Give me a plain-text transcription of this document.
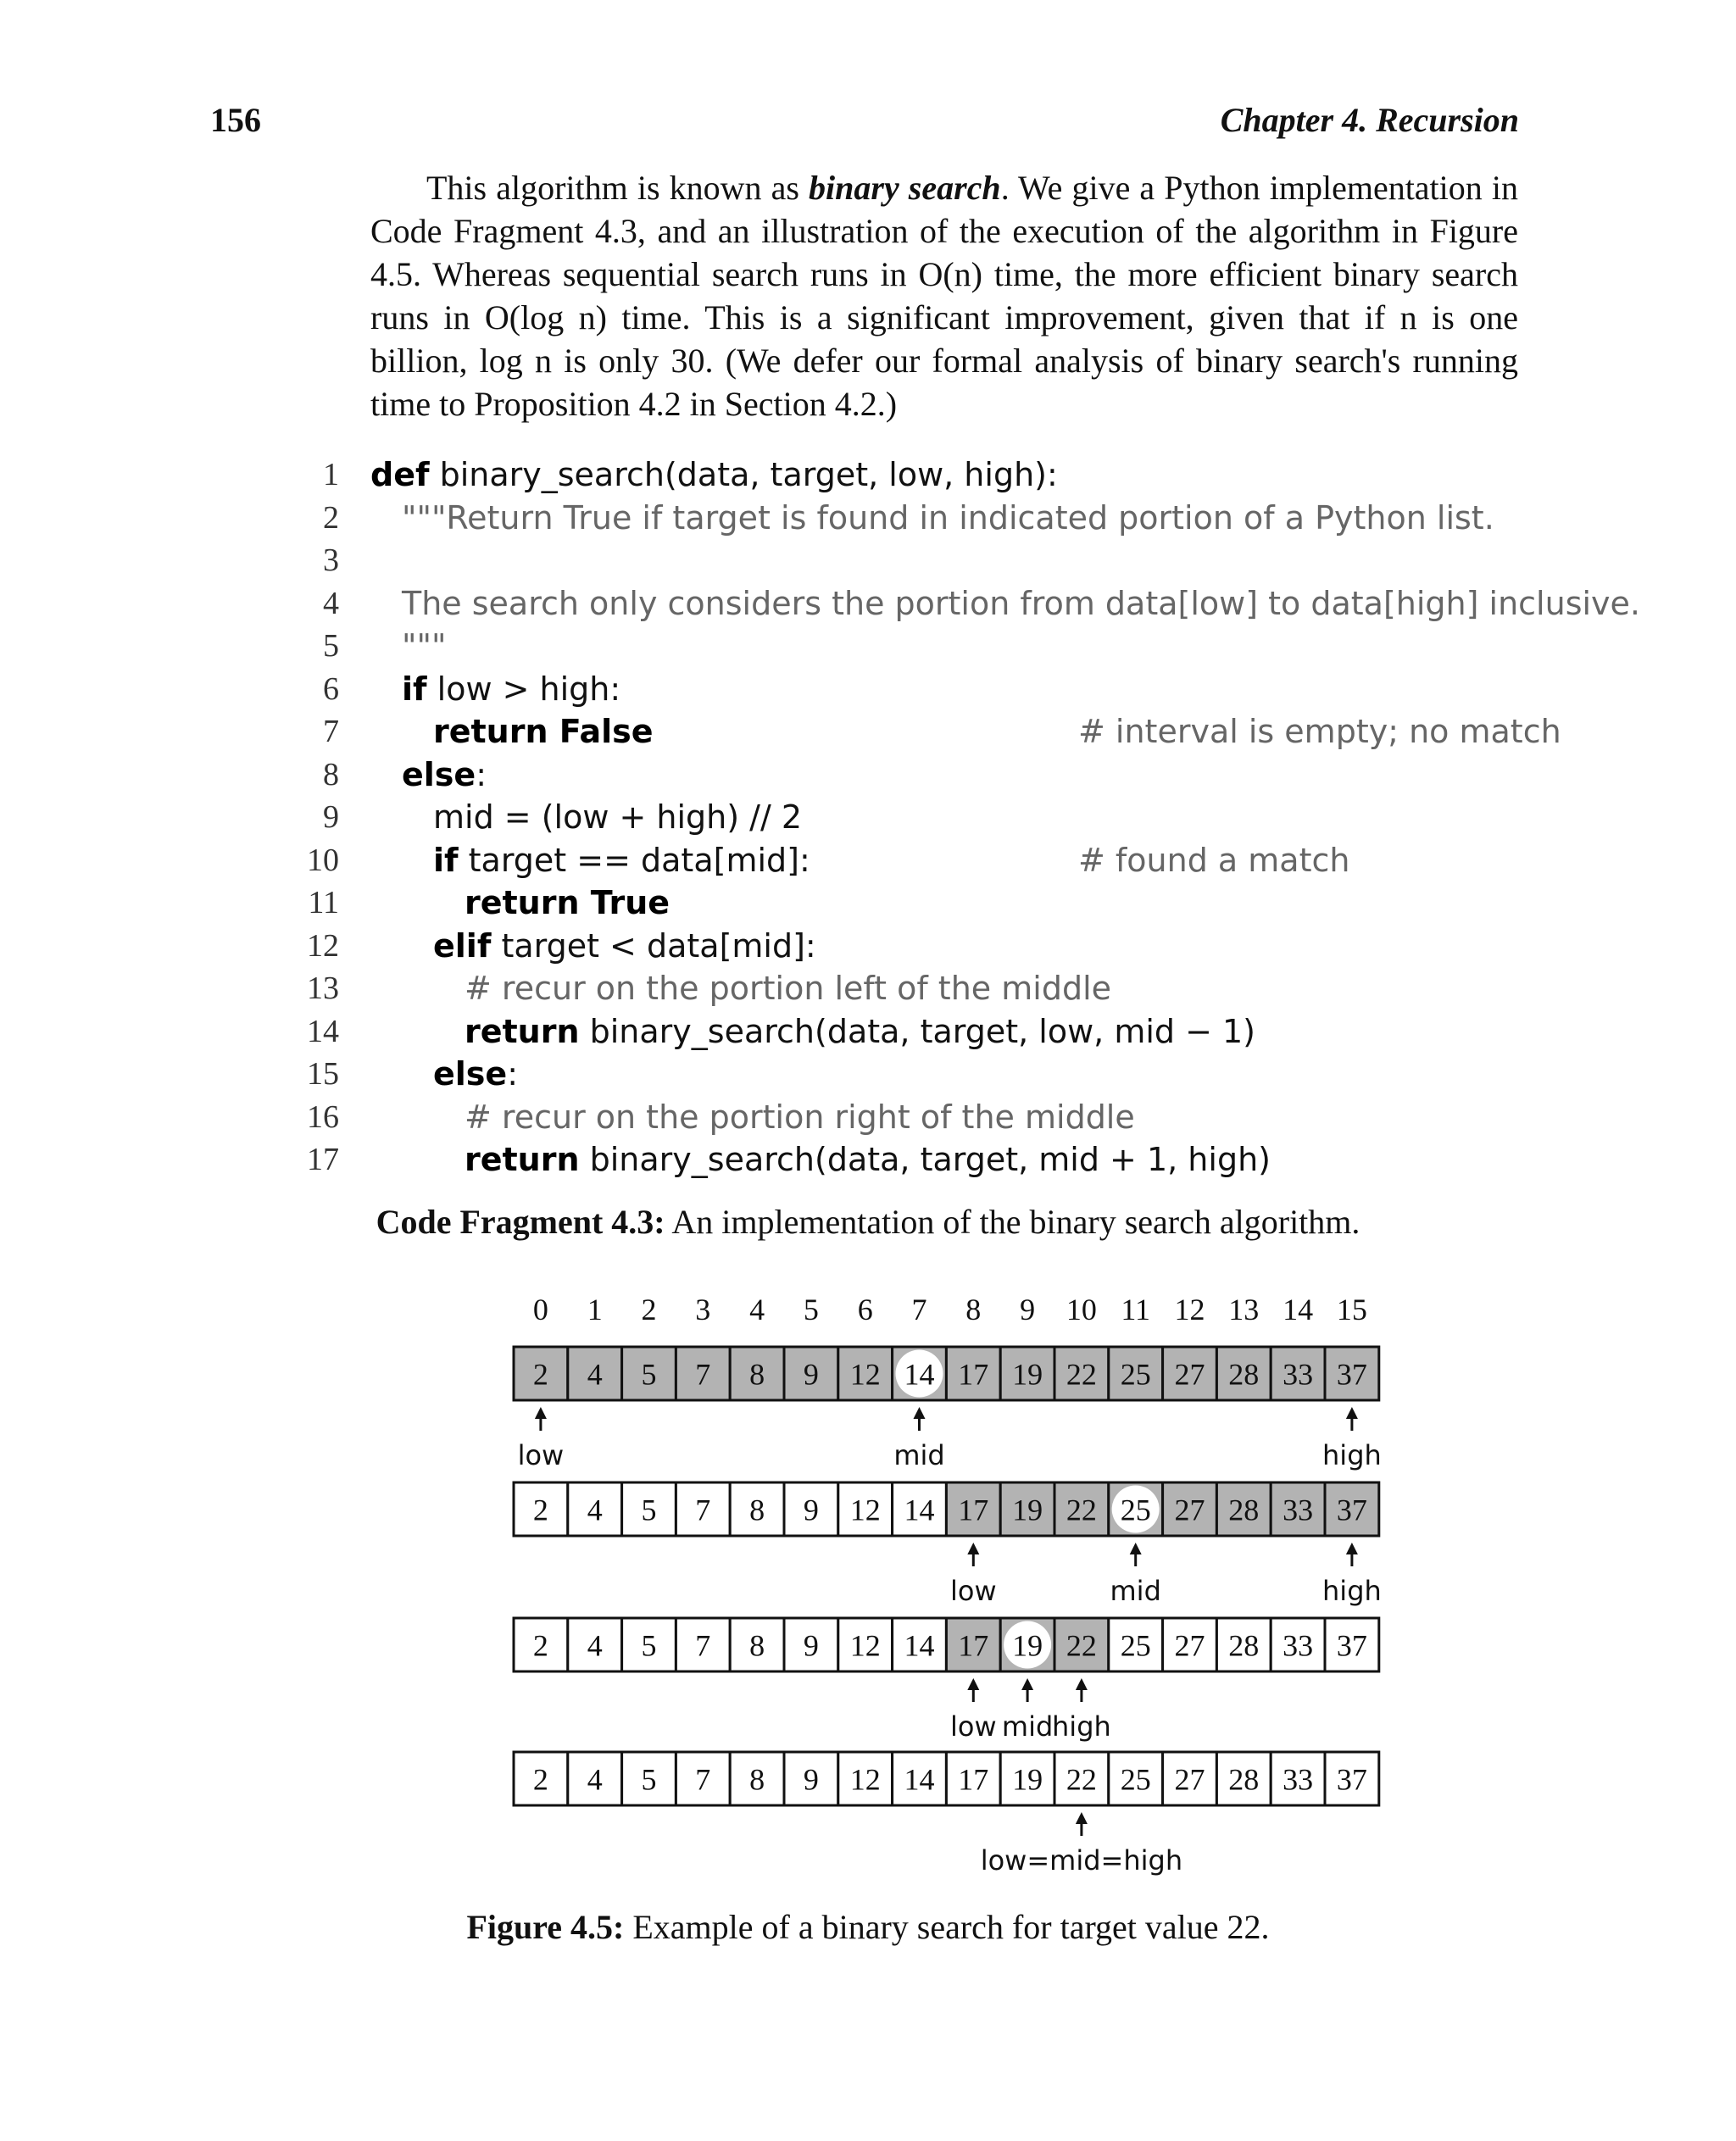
156	Chapter 4. Recursion

This algorithm is known as binary search. We give a Python implementation in Code Fragment 4.3, and an illustration of the execution of the algorithm in Figure 4.5. Whereas sequential search runs in O(n) time, the more efficient binary search runs in O(log n) time. This is a significant improvement, given that if n is one billion, log n is only 30. (We defer our formal analysis of binary search's running time to Proposition 4.2 in Section 4.2.)

1 def binary_search(data, target, low, high):
2 """Return True if target is found in indicated portion of a Python list.
3
4 The search only considers the portion from data[low] to data[high] inclusive.
5 """
6 if low > high:
7	return False	# interval is empty; no match
8 else:
9	mid = (low + high) // 2
10	if target == data[mid]:	# found a match
11	return True
12	elif target < data[mid]:
13	# recur on the portion left of the middle
14	return binary_search(data, target, low, mid − 1)
15	else:
16	# recur on the portion right of the middle
17	return binary_search(data, target, mid + 1, high)
Code Fragment 4.3: An implementation of the binary search algorithm.
0 1 2 3 4 5 6 7 8 9 10 11 12 13 14 15
2 4 5 7 8 9 12 14 17 19 22 25 27 28 33 37
low	mid	high
2 4 5 7 8 9 12 14 17 19 22 25 27 28 33 37
low	mid	high
2 4 5 7 8 9 12 14 17 19 22 25 27 28 33 37
low mid
high
2 4 5 7 8 9 12 14 17 19 22 25 27 28 33 37
low=mid=high
Figure 4.5: Example of a binary search for target value 22.
